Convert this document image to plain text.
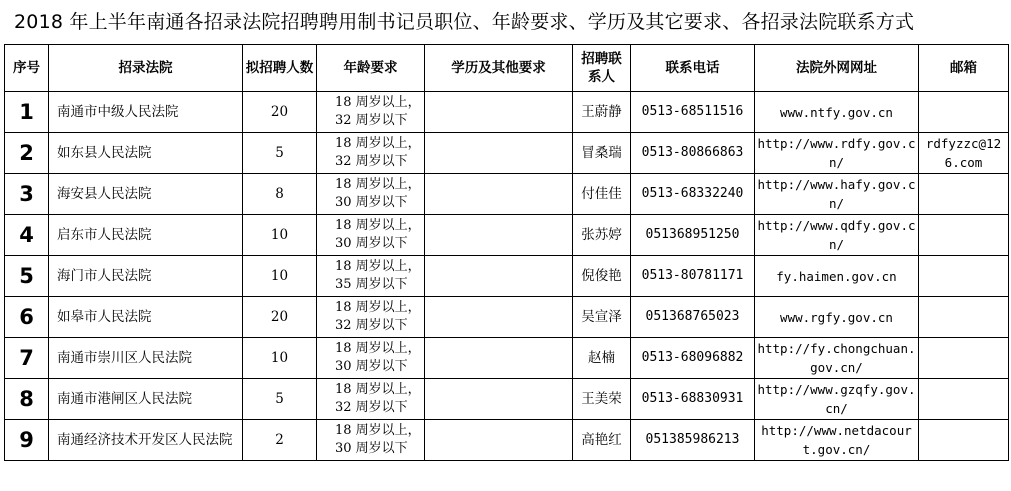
2018 年上半年南通各招录法院招聘聘用制书记员职位、年龄要求、学历及其它要求、各招录法院联系方式
序号	招录法院	拟招聘人数	年龄要求	学历及其他要求	招聘联系人	联系电话	法院外网网址	邮箱
1	南通市中级人民法院	20	18 周岁以上，
32 周岁以下		王蔚静	0513-68511516	www.ntfy.gov.cn	
2	如东县人民法院	5	18 周岁以上，
32 周岁以下		冒桑瑞	0513-80866863	http://www.rdfy.gov.cn/	rdfyzzc@126.com
3	海安县人民法院	8	18 周岁以上，
30 周岁以下		付佳佳	0513-68332240	http://www.hafy.gov.cn/	
4	启东市人民法院	10	18 周岁以上，
30 周岁以下		张苏婷	051368951250	http://www.qdfy.gov.cn/	
5	海门市人民法院	10	18 周岁以上，
35 周岁以下		倪俊艳	0513-80781171	fy.haimen.gov.cn	
6	如皋市人民法院	20	18 周岁以上，
32 周岁以下		吴宣泽	051368765023	www.rgfy.gov.cn	
7	南通市崇川区人民法院	10	18 周岁以上，
30 周岁以下		赵楠	0513-68096882	http://fy.chongchuan.gov.cn/	
8	南通市港闸区人民法院	5	18 周岁以上，
32 周岁以下		王美荣	0513-68830931	http://www.gzqfy.gov.cn/	
9	南通经济技术开发区人民法院	2	18 周岁以上，
30 周岁以下		高艳红	051385986213	http://www.netdacourt.gov.cn/	
